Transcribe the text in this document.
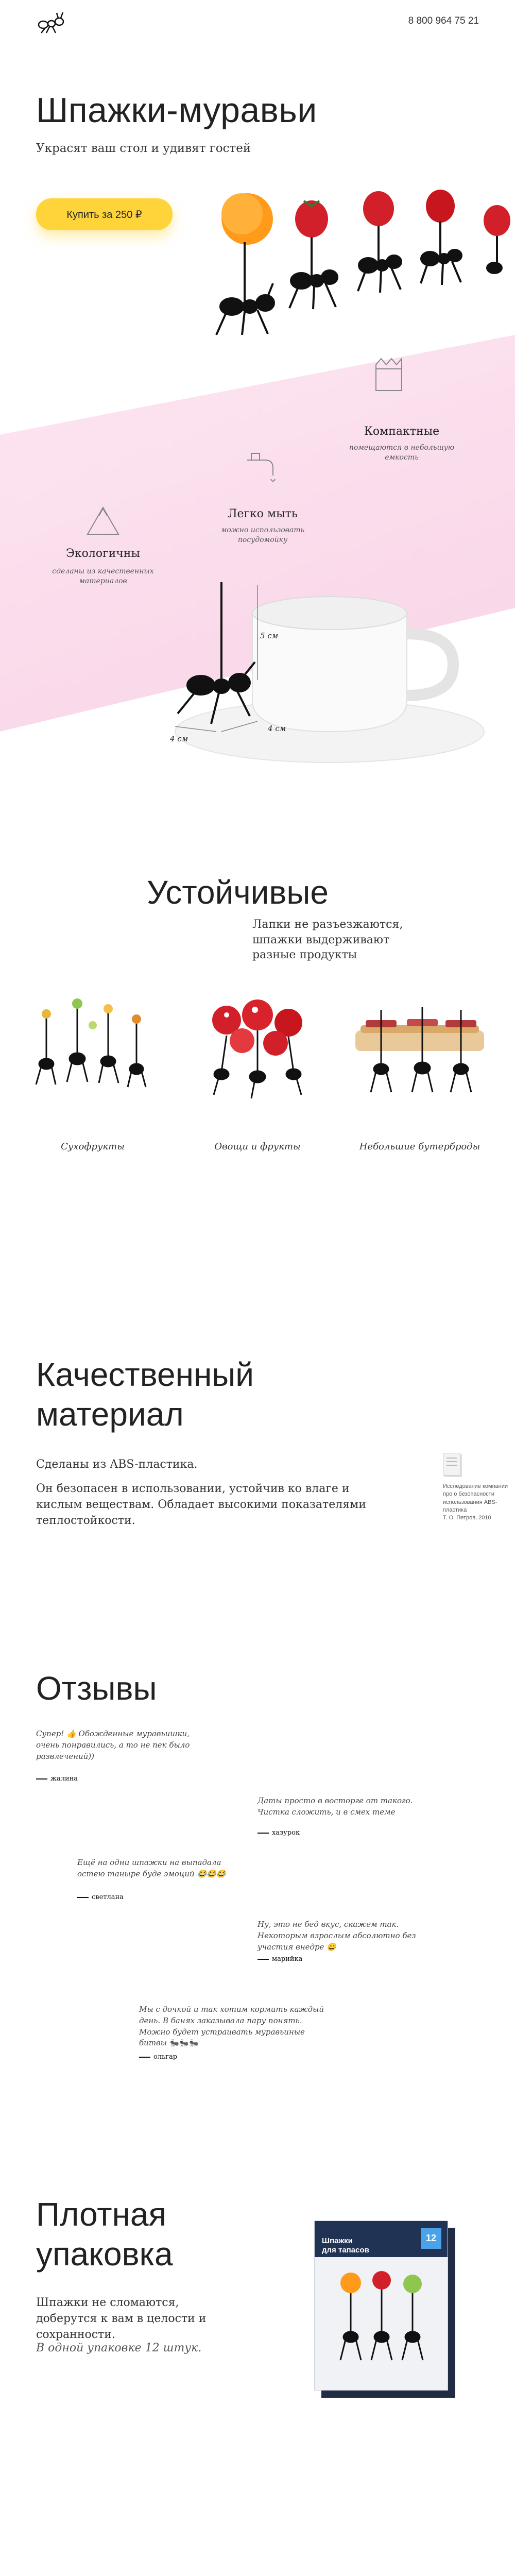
8 800 964 75 21
Шпажки-муравьи
Украсят ваш стол и удивят гостей
Купить за 250 ₽
Компактные
помещаются в небольшую емкость
Легко мыть
можно использовать посудомойку
Экологичны
сделаны из качественных материалов
5 см
4 см
4 см
Устойчивые
Лапки не разъезжаются, шпажки выдерживают разные продукты
Сухофрукты	Овощи и фрукты	Небольшие бутерброды
Качественный
материал
Сделаны из ABS-пластика.
Он безопасен в использовании, устойчив ко влаге и кислым веществам. Обладает высокими показателями теплостойкости.
Исследование компании
про о безопасности
использования АBS-пластика
Т. О. Петров, 2010
Отзывы
Супер! 👍 Обожденные муравьишки, очень понравились, а то не пек было развлечений))
жалина
Даты просто в восторге от такого. Чистка сложить, и в смех теме
хазурок
Ещё на одни шпажки на выпадала остею таныре буде эмоций 😂😂😂
светлана
Ну, это не бед вкус, скажем так. Некоторым взрослым абсолютно без участия внедре 😄
марийка
Мы с дочкой и так хотим кормить каждый день. В банях заказывала пару понять. Можно будет устраивать муравьиные битвы 🐜🐜🐜
ольгаp
Плотная
упаковка
Шпажки не сломаются, доберутся к вам в целости и сохранности.
В одной упаковке 12 штук.

Шпажки
для тапасов

12
